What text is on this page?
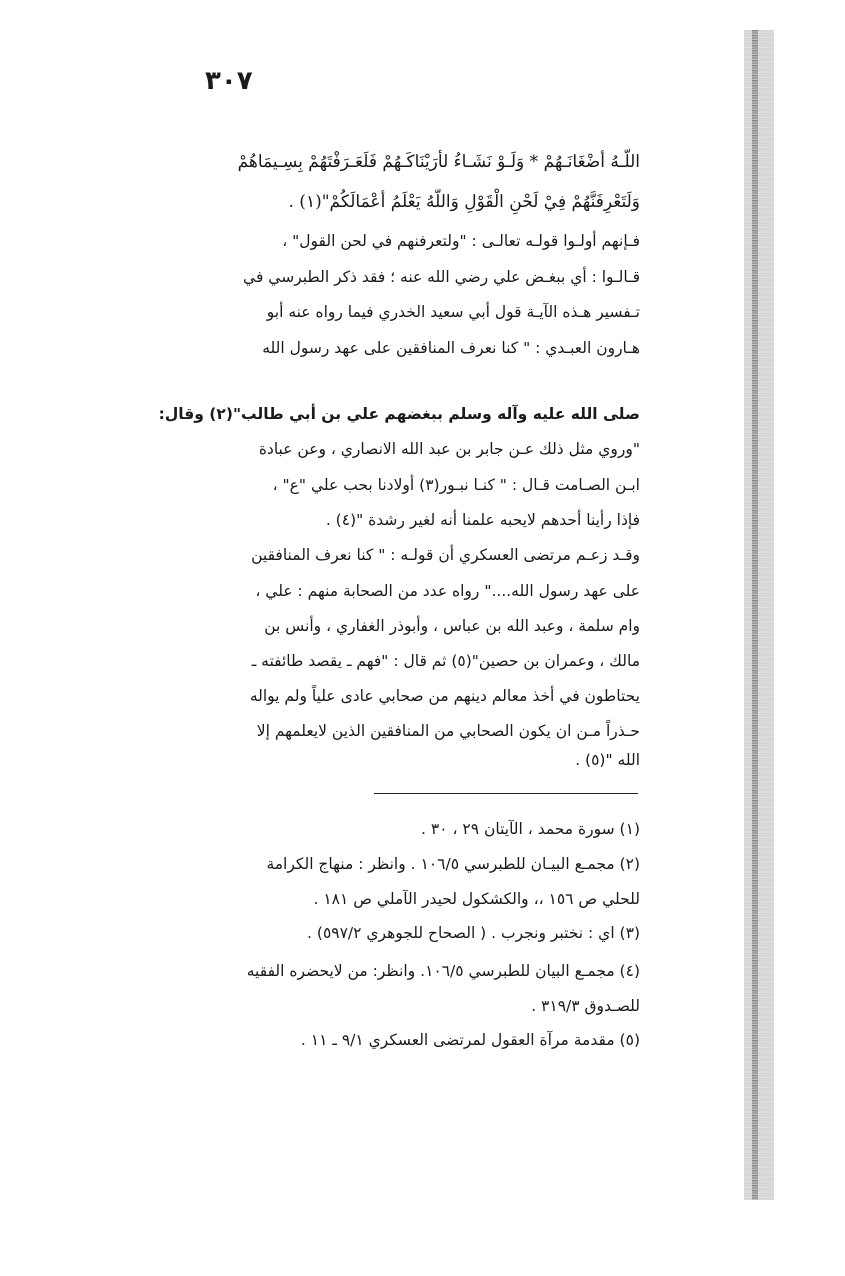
٣٠٧
اللّـهُ أضْغَانَـهُمْ * وَلَـوْ نَشَـاءُ لأرَيْنَاكَـهُمْ فَلَعَـرَفْتَهُمْ بِسِـيمَاهُمْ
وَلَتَعْرِفَنَّهُمْ فِيْ لَحْنِ الْقَوْلِ وَاللّهُ يَعْلَمُ أعْمَالَكُمْ"(١) .
فـإنهم أولـوا قولـه تعالـى : "ولتعرفنهم في لحن القول" ،
قـالـوا : أي ببغـض علي رضي الله عنه ؛ فقد ذكر الطبرسي في
تـفسير هـذه الآيـة قول أبي سعيد الخدري فيما رواه عنه أبو
هـارون العبـدي : " كنا نعرف المنافقين على عهد رسول الله
صلى الله عليه وآله وسلم ببغضهم علي بن أبي طالب"(٢) وقال:
"وروي مثل ذلك عـن جابر بن عبد الله الانصاري ، وعن عبادة
ابـن الصـامت قـال : " كنـا نبـور(٣) أولادنا بحب علي "ع" ،
فإذا رأينا أحدهم لايحبه علمنا أنه لغير رشدة "(٤) .
وقـد زعـم مرتضى العسكري أن قولـه : " كنا نعرف المنافقين
على عهد رسول الله...." رواه عدد من الصحابة منهم : علي ،
وام سلمة ، وعبد الله بن عباس ، وأبوذر الغفاري ، وأنس بن
مالك ، وعمران بن حصين"(٥) ثم قال : "فهم ـ يقصد طائفته ـ
يحتاطون في أخذ معالم دينهم من صحابي عادى علياً ولم يواله
حـذراً مـن ان يكون الصحابي من المنافقين الذين لايعلمهم إلا
الله "(٥) .
(١) سورة محمد ، الآيتان ٢٩ ، ٣٠ .
(٢) مجمـع البيـان للطبرسي ١٠٦/٥ . وانظر : منهاج الكرامة
للحلي ص ١٥٦ ،، والكشكول لحيدر الآملي ص ١٨١ .
(٣) اي : نختبر ونجرب . ( الصحاح للجوهري ٥٩٧/٢) .
(٤) مجمـع البيان للطبرسي ١٠٦/٥. وانظر: من لايحضره الفقيه
للصـدوق ٣١٩/٣ .
(٥) مقدمة مرآة العقول لمرتضى العسكري ٩/١ ـ ١١ .
